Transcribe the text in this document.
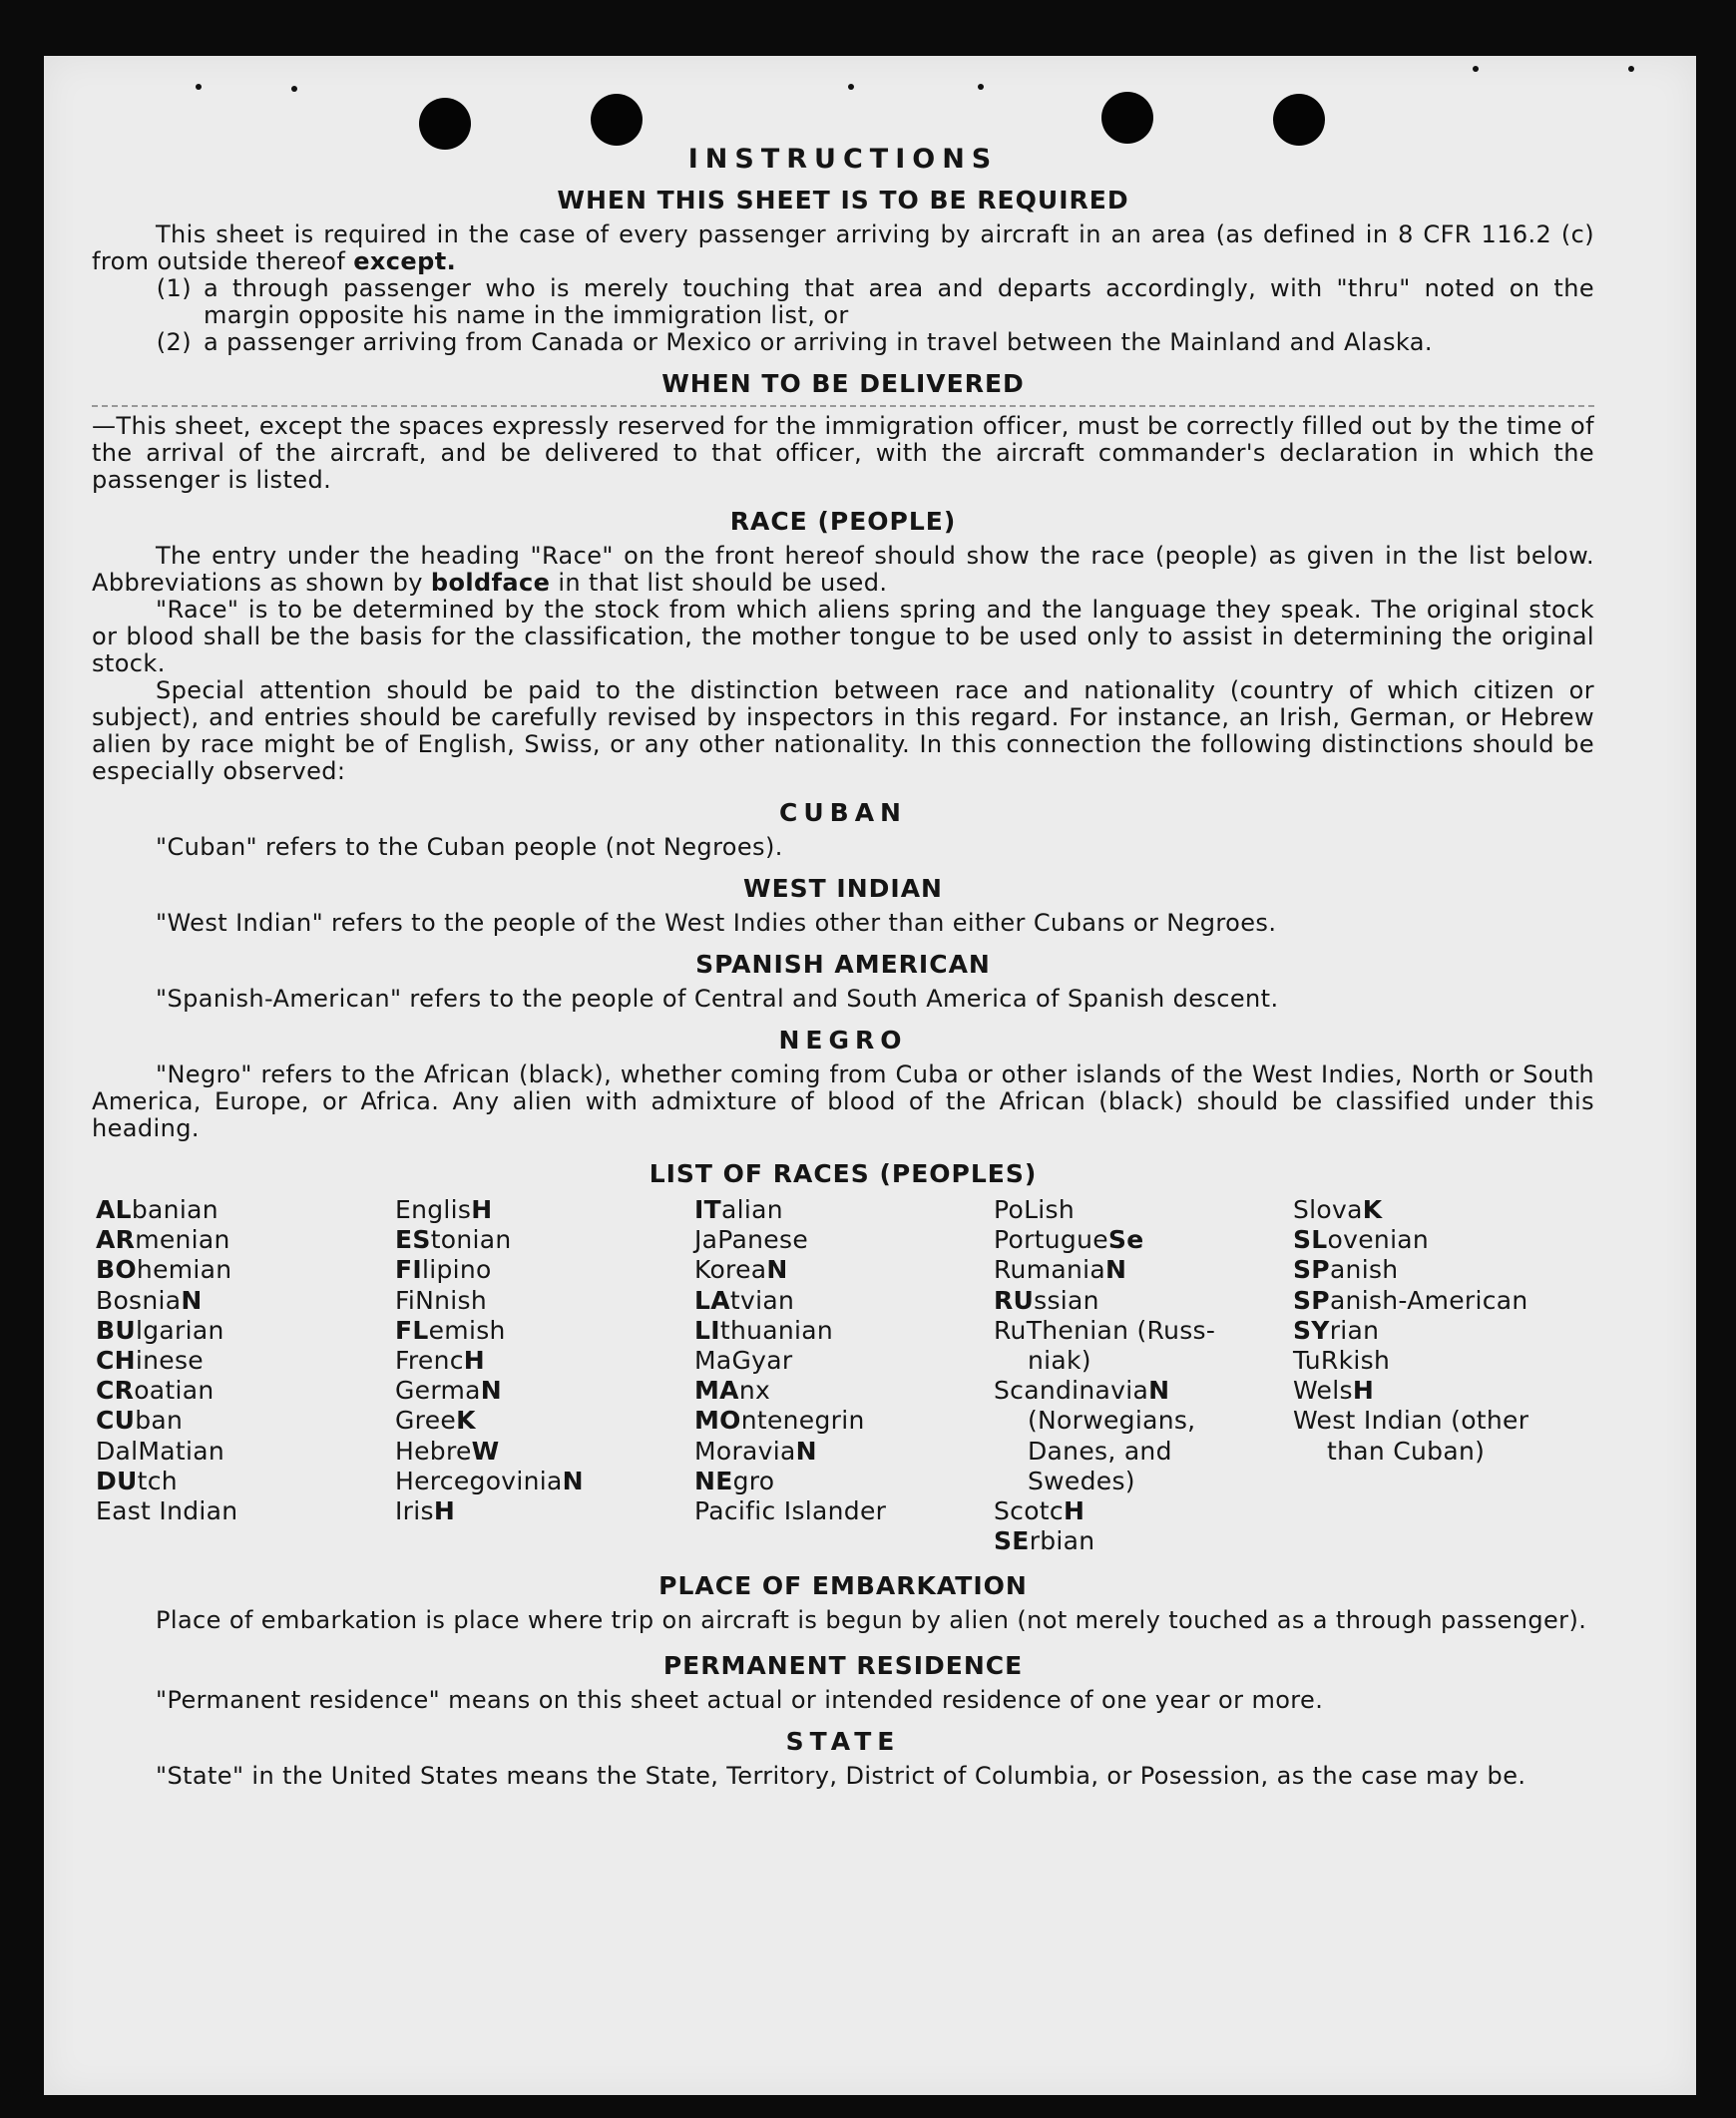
INSTRUCTIONS
WHEN THIS SHEET IS TO BE REQUIRED

This sheet is required in the case of every passenger arriving by aircraft in an area (as defined in 8 CFR 116.2 (c) from outside thereof except.

(1) a through passenger who is merely touching that area and departs accordingly, with "thru" noted on the margin opposite his name in the immigration list, or
(2) a passenger arriving from Canada or Mexico or arriving in travel between the Mainland and Alaska.
WHEN TO BE DELIVERED

—This sheet, except the spaces expressly reserved for the immigration officer, must be correctly filled out by the time of the arrival of the aircraft, and be delivered to that officer, with the aircraft commander's declaration in which the passenger is listed.

RACE (PEOPLE)

The entry under the heading "Race" on the front hereof should show the race (people) as given in the list below. Abbreviations as shown by boldface in that list should be used.

"Race" is to be determined by the stock from which aliens spring and the language they speak. The original stock or blood shall be the basis for the classification, the mother tongue to be used only to assist in determining the original stock.

Special attention should be paid to the distinction between race and nationality (country of which citizen or subject), and entries should be carefully revised by inspectors in this regard. For instance, an Irish, German, or Hebrew alien by race might be of English, Swiss, or any other nationality. In this connection the following distinctions should be especially observed:

CUBAN
"Cuban" refers to the Cuban people (not Negroes).
WEST INDIAN
"West Indian" refers to the people of the West Indies other than either Cubans or Negroes.
SPANISH AMERICAN
"Spanish-American" refers to the people of Central and South America of Spanish descent.
NEGRO

"Negro" refers to the African (black), whether coming from Cuba or other islands of the West Indies, North or South America, Europe, or Africa. Any alien with admixture of blood of the African (black) should be classified under this heading.

LIST OF RACES (PEOPLES)
ALbanian
ARmenian
BOhemian
BosniaN
BUlgarian
CHinese
CRoatian
CUban
DalMatian
DUtch
East Indian
EnglisH
EStonian
FIlipino
FiNnish
FLemish
FrencH
GermaN
GreeK
HebreW
HercegoviniaN
IrisH
ITalian
JaPanese
KoreaN
LAtvian
LIthuanian
MaGyar
MAnx
MOntenegrin
MoraviaN
NEgro
Pacific Islander
PoLish
PortugueSe
RumaniaN
RUssian
RuThenian (Russ-
niak)
ScandinaviaN
(Norwegians,
Danes, and
Swedes)
ScotcH
SErbian
SlovaK
SLovenian
SPanish
SPanish-American
SYrian
TuRkish
WelsH
West Indian (other
than Cuban)
PLACE OF EMBARKATION

Place of embarkation is place where trip on aircraft is begun by alien (not merely touched as a through passenger).

PERMANENT RESIDENCE
"Permanent residence" means on this sheet actual or intended residence of one year or more.
STATE

"State" in the United States means the State, Territory, District of Columbia, or Posession, as the case may be.
